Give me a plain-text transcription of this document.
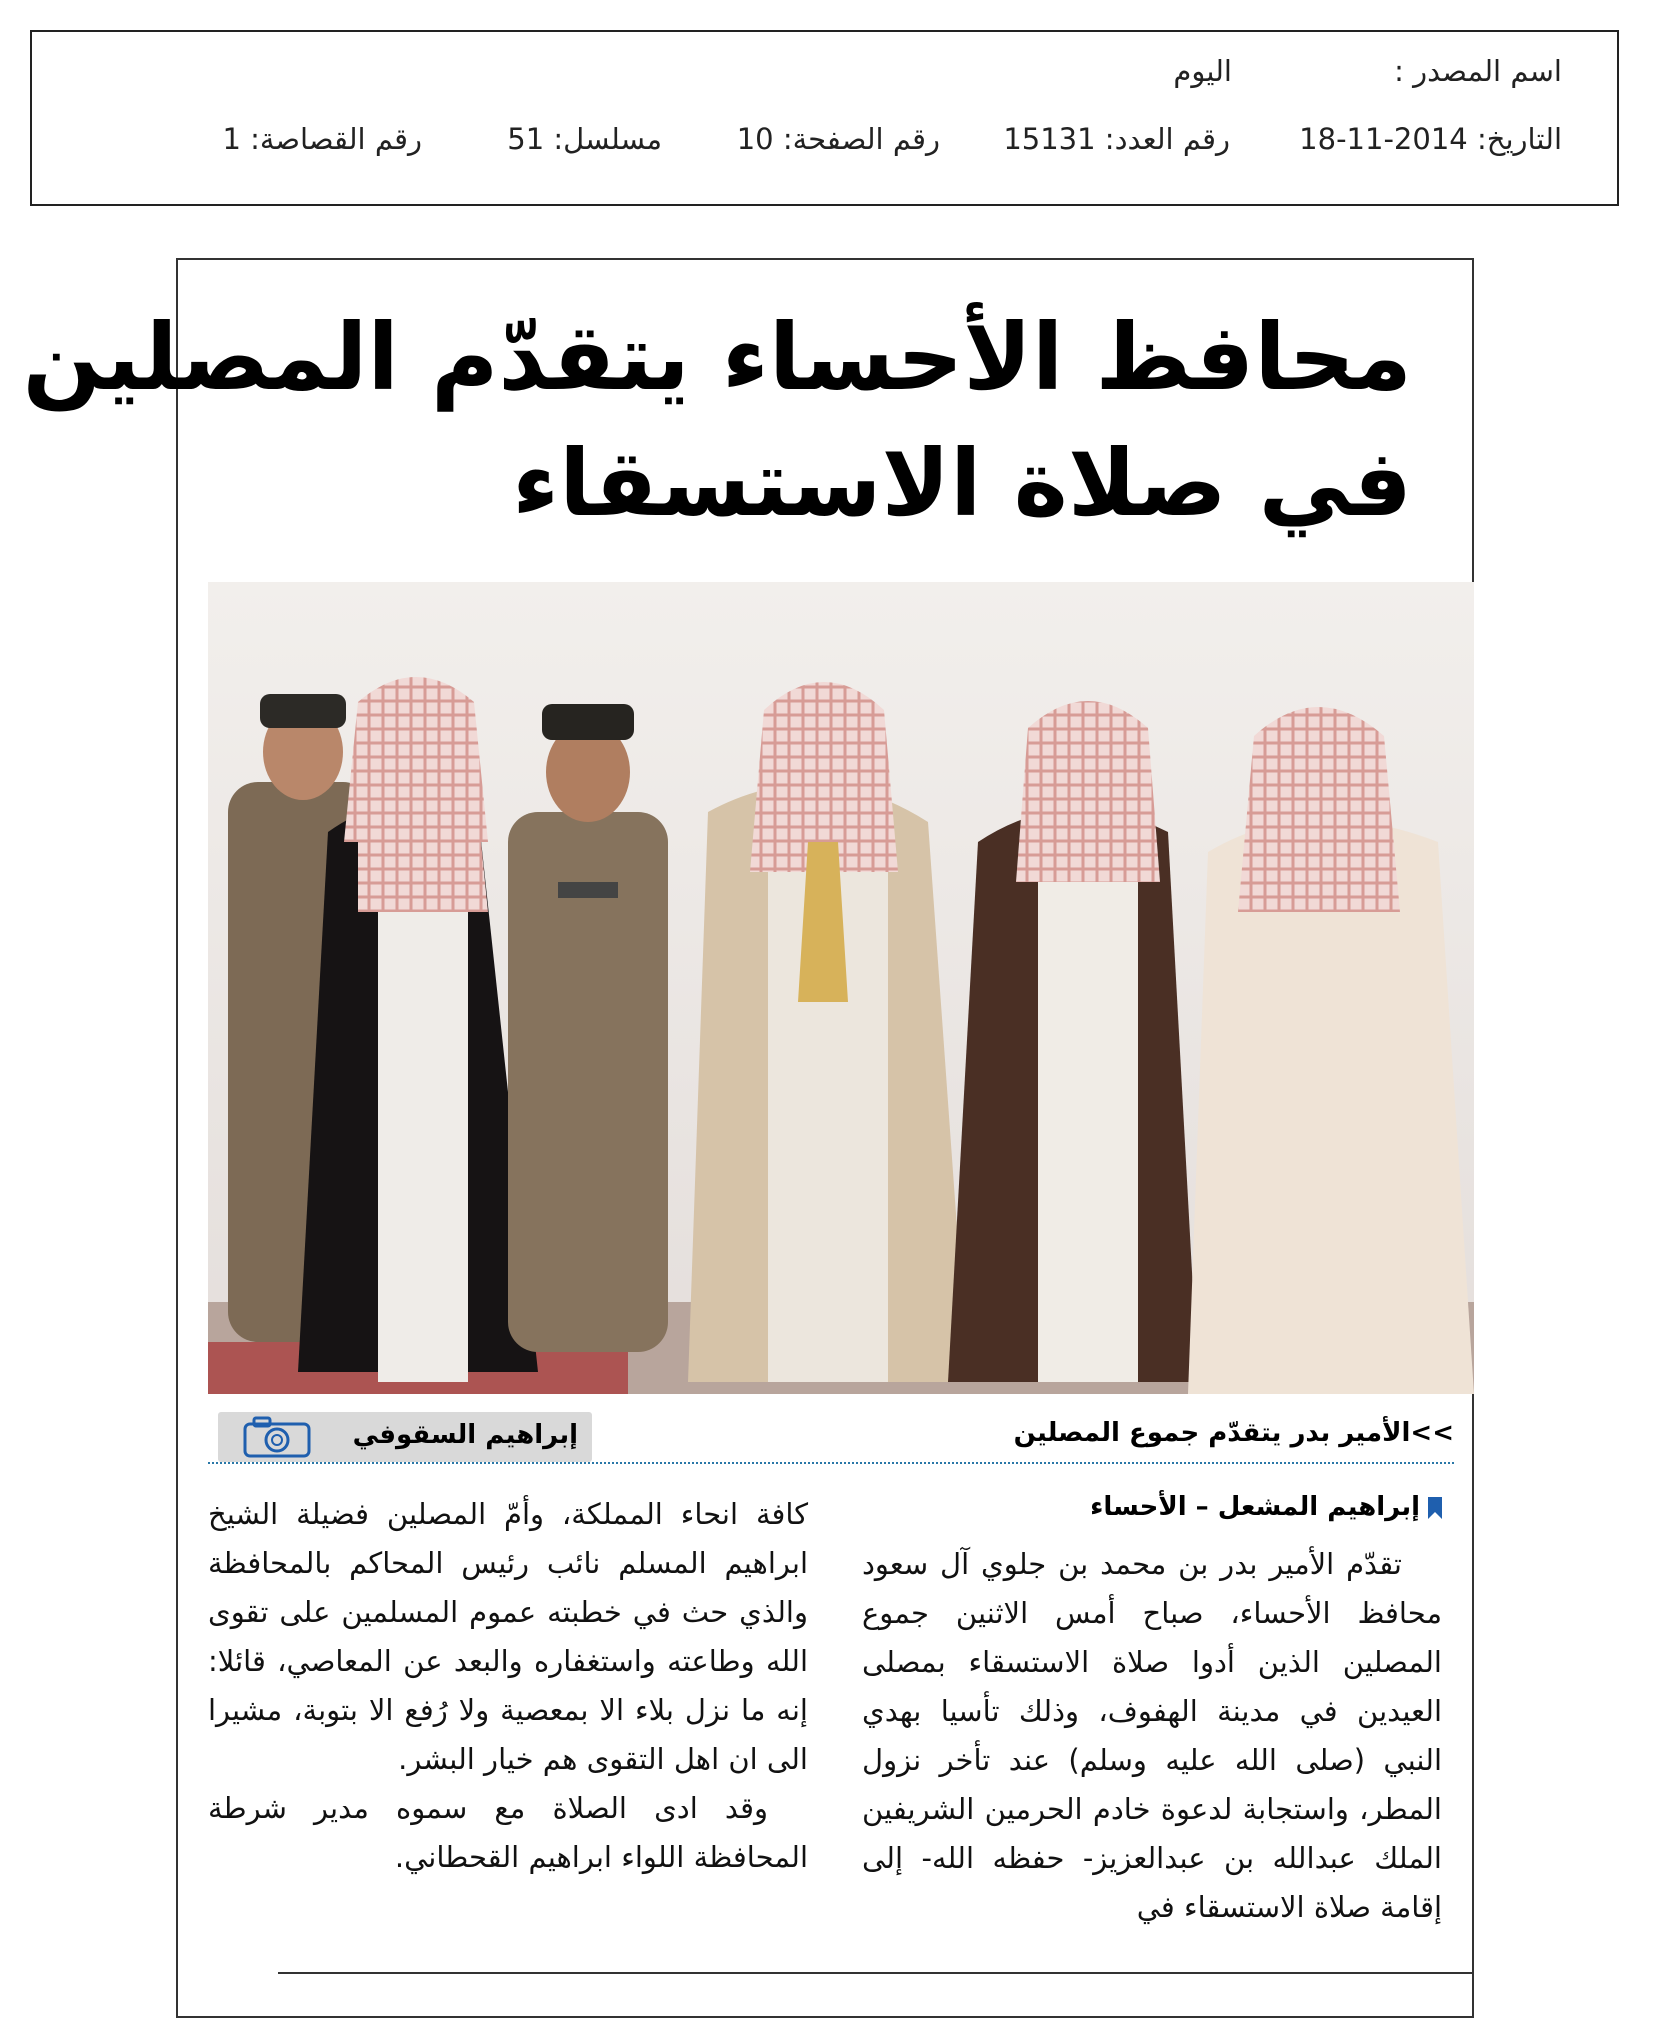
اسم المصدر :
اليوم
التاريخ: 2014-11-18
رقم العدد: 15131
رقم الصفحة: 10
مسلسل: 51
رقم القصاصة: 1
محافظ الأحساء يتقدّم المصلين
في صلاة الاستسقاء
>>الأمير بدر يتقدّم جموع المصلين
إبراهيم السقوفي
إبراهيم المشعل – الأحساء

تقدّم الأمير بدر بن محمد بن جلوي آل سعود محافظ الأحساء، صباح أمس الاثنين جموع المصلين الذين أدوا صلاة الاستسقاء بمصلى العيدين في مدينة الهفوف، وذلك تأسيا بهدي النبي (صلى الله عليه وسلم) عند تأخر نزول المطر، واستجابة لدعوة خادم الحرمين الشريفين الملك عبدالله بن عبدالعزيز- حفظه الله- إلى إقامة صلاة الاستسقاء في

كافة انحاء المملكة، وأمّ المصلين فضيلة الشيخ ابراهيم المسلم نائب رئيس المحاكم بالمحافظة والذي حث في خطبته عموم المسلمين على تقوى الله وطاعته واستغفاره والبعد عن المعاصي، قائلا: إنه ما نزل بلاء الا بمعصية ولا رُفع الا بتوبة، مشيرا الى ان اهل التقوى هم خيار البشر.

وقد ادى الصلاة مع سموه مدير شرطة المحافظة اللواء ابراهيم القحطاني.
